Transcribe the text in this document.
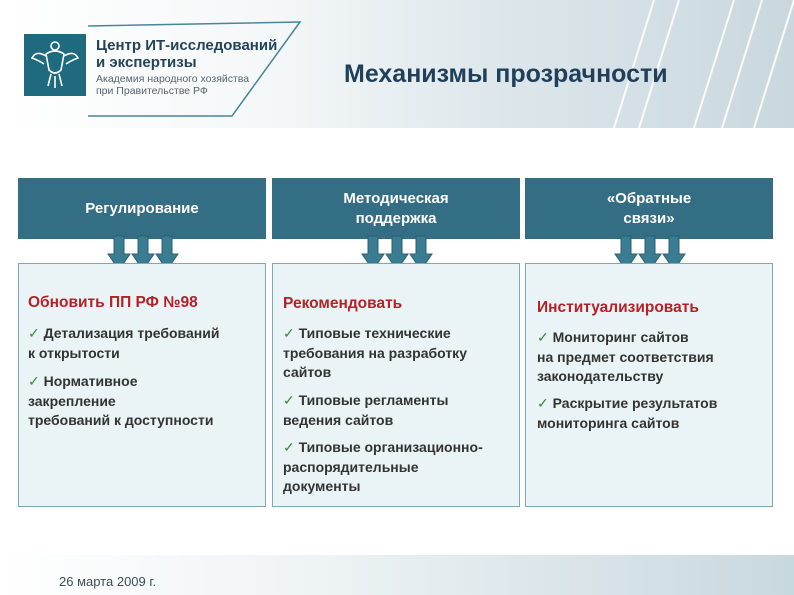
Центр ИТ-исследований
и экспертизы
Академия народного хозяйства
при Правительстве РФ
Механизмы прозрачности
Регулирование
Методическая
поддержка
«Обратные
связи»
Обновить ПП РФ №98
✓ Детализация требований
к открытости
✓ Нормативное
закрепление
требований к доступности
Рекомендовать
✓ Типовые технические
требования на разработку
сайтов
✓ Типовые регламенты
ведения сайтов
✓ Типовые организационно-
распорядительные
документы
Институализировать
✓ Мониторинг сайтов
на предмет соответствия
законодательству
✓ Раскрытие результатов
мониторинга сайтов
26 марта 2009 г.
